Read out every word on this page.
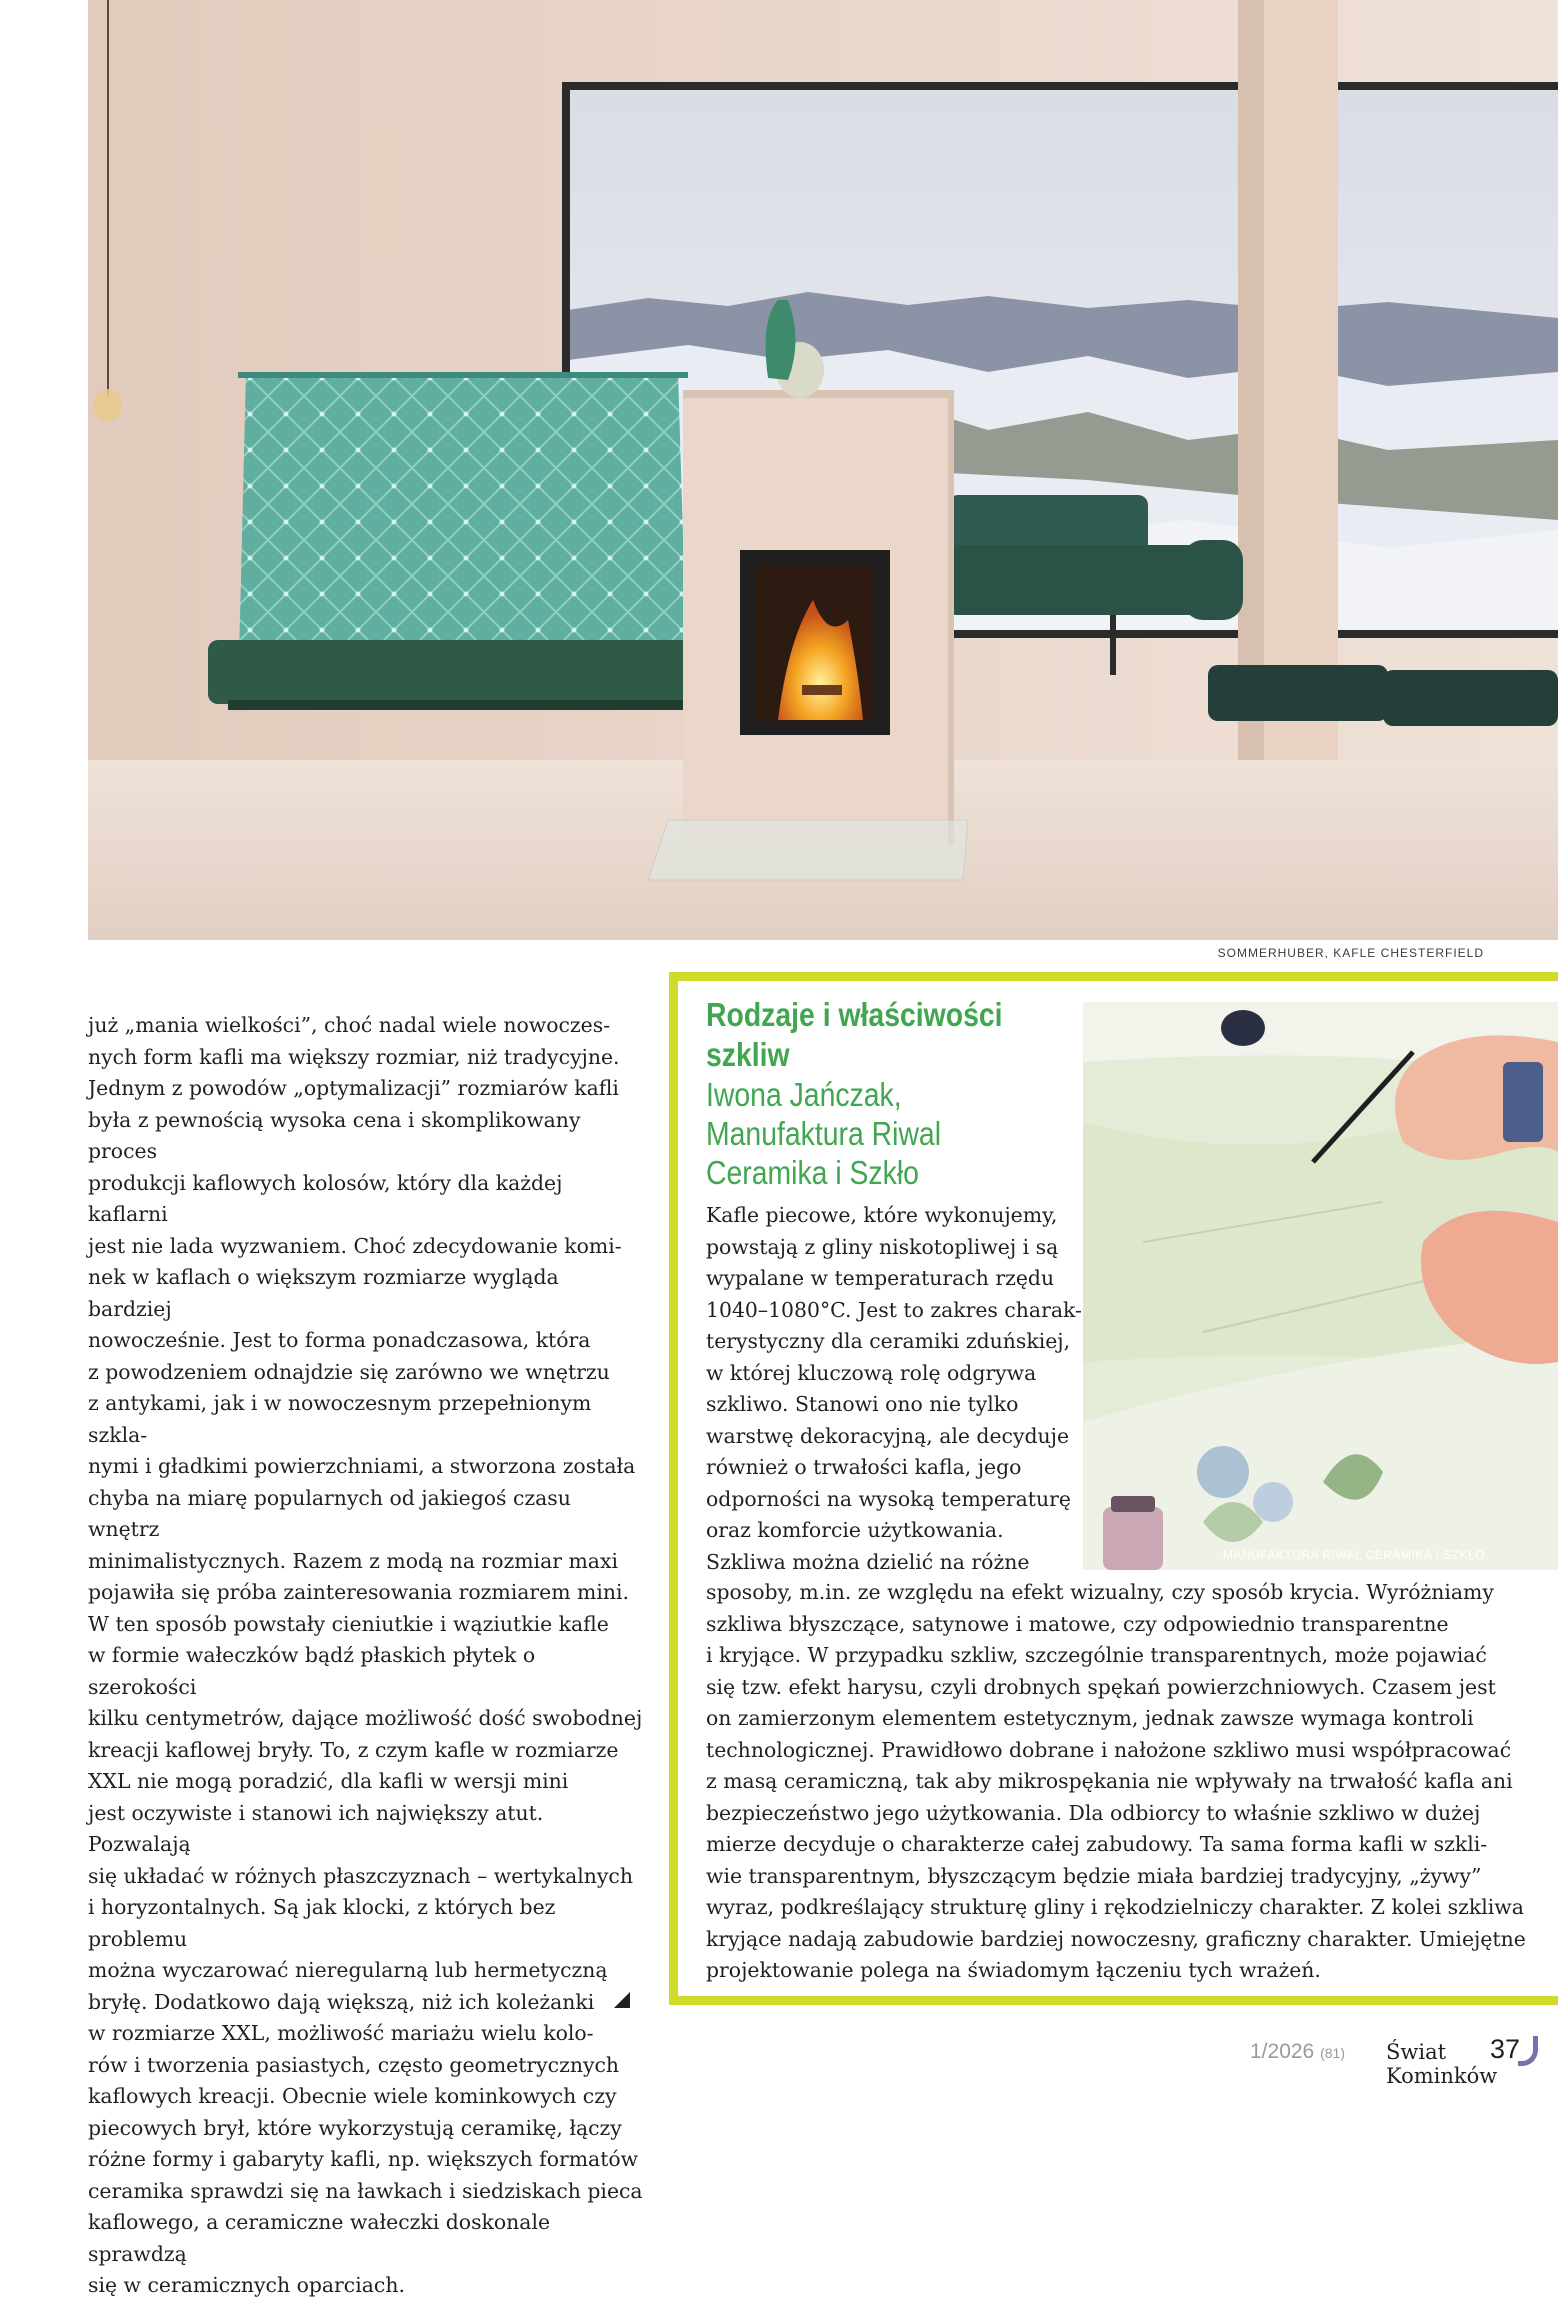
SOMMERHUBER, KAFLE CHESTERFIELD
już „mania wielkości”, choć nadal wiele nowoczes-
nych form kafli ma większy rozmiar, niż tradycyjne.
Jednym z powodów „optymalizacji” rozmiarów kafli
była z pewnością wysoka cena i skomplikowany proces
produkcji kaflowych kolosów, który dla każdej kaflarni
jest nie lada wyzwaniem. Choć zdecydowanie komi-
nek w kaflach o większym rozmiarze wygląda bardziej
nowocześnie. Jest to forma ponadczasowa, która
z powodzeniem odnajdzie się zarówno we wnętrzu
z antykami, jak i w nowoczesnym przepełnionym szkla-
nymi i gładkimi powierzchniami, a stworzona została
chyba na miarę popularnych od jakiegoś czasu wnętrz
minimalistycznych. Razem z modą na rozmiar maxi
pojawiła się próba zainteresowania rozmiarem mini.
W ten sposób powstały cieniutkie i wąziutkie kafle
w formie wałeczków bądź płaskich płytek o szerokości
kilku centymetrów, dające możliwość dość swobodnej
kreacji kaflowej bryły. To, z czym kafle w rozmiarze
XXL nie mogą poradzić, dla kafli w wersji mini
jest oczywiste i stanowi ich największy atut. Pozwalają
się układać w różnych płaszczyznach – wertykalnych
i horyzontalnych. Są jak klocki, z których bez problemu
można wyczarować nieregularną lub hermetyczną
bryłę. Dodatkowo dają większą, niż ich koleżanki
w rozmiarze XXL, możliwość mariażu wielu kolo-
rów i tworzenia pasiastych, często geometrycznych
kaflowych kreacji. Obecnie wiele kominkowych czy
piecowych brył, które wykorzystują ceramikę, łączy
różne formy i gabaryty kafli, np. większych formatów
ceramika sprawdzi się na ławkach i siedziskach pieca
kaflowego, a ceramiczne wałeczki doskonale sprawdzą
się w ceramicznych oparciach.
Rodzaje i właściwości szkliw
Iwona Jańczak,
Manufaktura Riwal
Ceramika i Szkło
Kafle piecowe, które wykonujemy,
powstają z gliny niskotopliwej i są
wypalane w temperaturach rzędu
1040–1080°C. Jest to zakres charak-
terystyczny dla ceramiki zduńskiej,
w której kluczową rolę odgrywa
szkliwo. Stanowi ono nie tylko
warstwę dekoracyjną, ale decyduje
również o trwałości kafla, jego
odporności na wysoką temperaturę
oraz komforcie użytkowania.
Szkliwa można dzielić na różne
sposoby, m.in. ze względu na efekt wizualny, czy sposób krycia. Wyróżniamy
szkliwa błyszczące, satynowe i matowe, czy odpowiednio transparentne
i kryjące. W przypadku szkliw, szczególnie transparentnych, może pojawiać
się tzw. efekt harysu, czyli drobnych spękań powierzchniowych. Czasem jest
on zamierzonym elementem estetycznym, jednak zawsze wymaga kontroli
technologicznej. Prawidłowo dobrane i nałożone szkliwo musi współpracować
z masą ceramiczną, tak aby mikrospękania nie wpływały na trwałość kafla ani
bezpieczeństwo jego użytkowania. Dla odbiorcy to właśnie szkliwo w dużej
mierze decyduje o charakterze całej zabudowy. Ta sama forma kafli w szkli-
wie transparentnym, błyszczącym będzie miała bardziej tradycyjny, „żywy”
wyraz, podkreślający strukturę gliny i rękodzielniczy charakter. Z kolei szkliwa
kryjące nadają zabudowie bardziej nowoczesny, graficzny charakter. Umiejętne
projektowanie polega na świadomym łączeniu tych wrażeń.
MANUFAKTURA RIWAL CERAMIKA I SZKŁO
1/2026 (81) Świat Kominków
37
